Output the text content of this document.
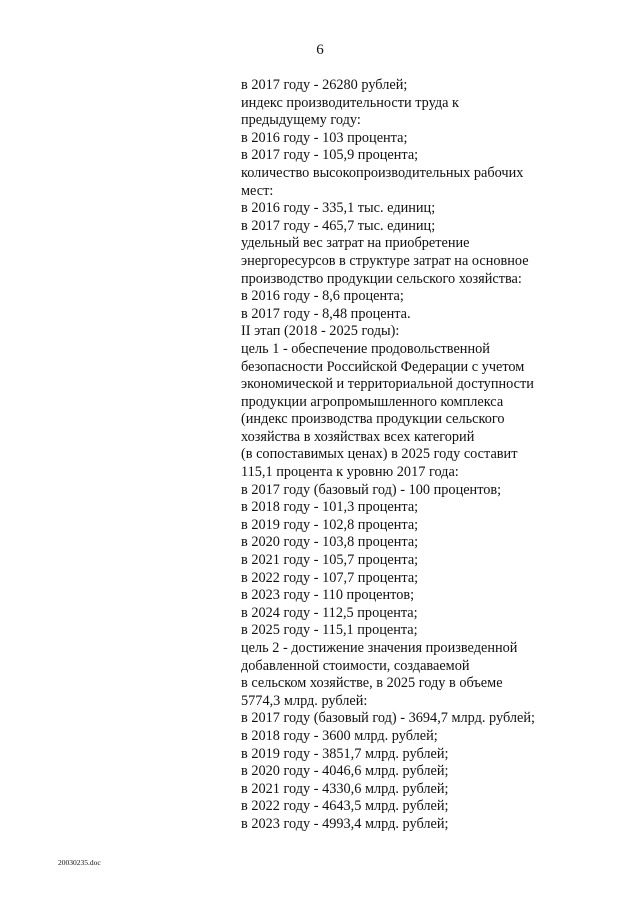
6
в 2017 году - 26280 рублей;
индекс производительности труда к
предыдущему году:
в 2016 году - 103 процента;
в 2017 году - 105,9 процента;
количество высокопроизводительных рабочих
мест:
в 2016 году - 335,1 тыс. единиц;
в 2017 году - 465,7 тыс. единиц;
удельный вес затрат на приобретение
энергоресурсов в структуре затрат на основное
производство продукции сельского хозяйства:
в 2016 году - 8,6 процента;
в 2017 году - 8,48 процента.
II этап (2018 - 2025 годы):
цель 1 - обеспечение продовольственной
безопасности Российской Федерации с учетом
экономической и территориальной доступности
продукции агропромышленного комплекса
(индекс производства продукции сельского
хозяйства в хозяйствах всех категорий
(в сопоставимых ценах) в 2025 году составит
115,1 процента к уровню 2017 года:
в 2017 году (базовый год) - 100 процентов;
в 2018 году - 101,3 процента;
в 2019 году - 102,8 процента;
в 2020 году - 103,8 процента;
в 2021 году - 105,7 процента;
в 2022 году - 107,7 процента;
в 2023 году - 110 процентов;
в 2024 году - 112,5 процента;
в 2025 году - 115,1 процента;
цель 2 - достижение значения произведенной
добавленной стоимости, создаваемой
в сельском хозяйстве, в 2025 году в объеме
5774,3 млрд. рублей:
в 2017 году (базовый год) - 3694,7 млрд. рублей;
в 2018 году - 3600 млрд. рублей;
в 2019 году - 3851,7 млрд. рублей;
в 2020 году - 4046,6 млрд. рублей;
в 2021 году - 4330,6 млрд. рублей;
в 2022 году - 4643,5 млрд. рублей;
в 2023 году - 4993,4 млрд. рублей;
20030235.doc
